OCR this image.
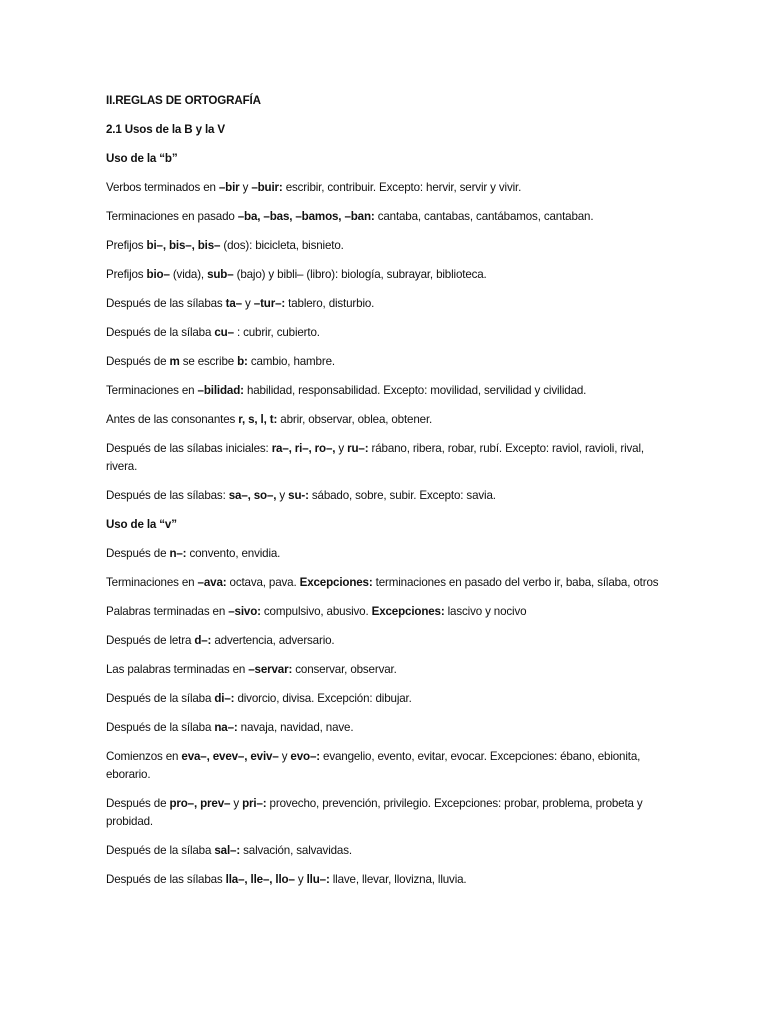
II.REGLAS DE ORTOGRAFÍA

2.1 Usos de la B y la V

Uso de la “b”

Verbos terminados en –bir y –buir: escribir, contribuir. Excepto: hervir, servir y vivir.

Terminaciones en pasado –ba, –bas, –bamos, –ban: cantaba, cantabas, cantábamos, cantaban.

Prefijos bi–, bis–, bis– (dos): bicicleta, bisnieto.

Prefijos bio– (vida), sub– (bajo) y bibli– (libro): biología, subrayar, biblioteca.

Después de las sílabas ta– y –tur–: tablero, disturbio.

Después de la sílaba cu– : cubrir, cubierto.

Después de m se escribe b: cambio, hambre.

Terminaciones en –bilidad: habilidad, responsabilidad. Excepto: movilidad, servilidad y civilidad.

Antes de las consonantes r, s, l, t: abrir, observar, oblea, obtener.

Después de las sílabas iniciales: ra–, ri–, ro–, y ru–: rábano, ribera, robar, rubí. Excepto: raviol, ravioli, rival, rivera.

Después de las sílabas: sa–, so–, y su-: sábado, sobre, subir. Excepto: savia.

Uso de la “v”

Después de n–: convento, envidia.

Terminaciones en –ava: octava, pava. Excepciones: terminaciones en pasado del verbo ir, baba, sílaba, otros

Palabras terminadas en –sivo: compulsivo, abusivo. Excepciones: lascivo y nocivo

Después de letra d–: advertencia, adversario.

Las palabras terminadas en –servar: conservar, observar.

Después de la sílaba di–: divorcio, divisa. Excepción: dibujar.

Después de la sílaba na–: navaja, navidad, nave.

Comienzos en eva–, evev–, eviv– y evo–: evangelio, evento, evitar, evocar. Excepciones: ébano, ebionita, eborario.

Después de pro–, prev– y pri–: provecho, prevención, privilegio. Excepciones: probar, problema, probeta y probidad.

Después de la sílaba sal–: salvación, salvavidas.

Después de las sílabas lla–, lle–, llo– y llu–: llave, llevar, llovizna, lluvia.
